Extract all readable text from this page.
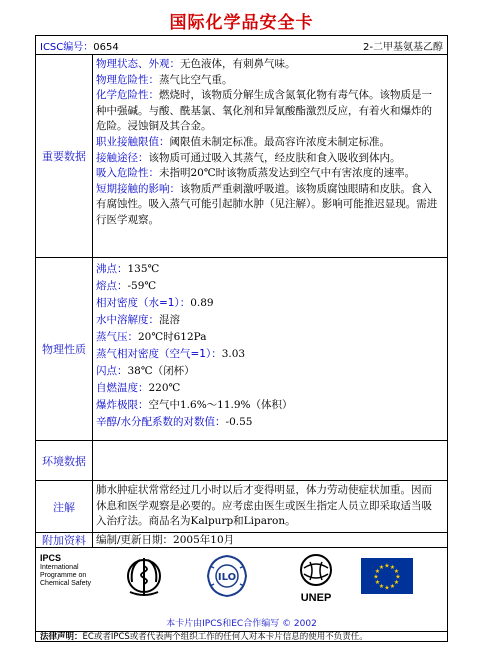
国际化学品安全卡
ICSC编号：0654	2-二甲基氨基乙醇
重要数据
物理状态、外观：无色液体，有刺鼻气味。
物理危险性：蒸气比空气重。
化学危险性：燃烧时，该物质分解生成含氮氧化物有毒气体。该物质是一种中强碱。与酸、酰基氯、氧化剂和异氰酸酯激烈反应，有着火和爆炸的危险。浸蚀铜及其合金。
职业接触限值：阈限值未制定标准。最高容许浓度未制定标准。
接触途径：该物质可通过吸入其蒸气，经皮肤和食入吸收到体内。
吸入危险性：未指明20℃时该物质蒸发达到空气中有害浓度的速率。
短期接触的影响：该物质严重刺激呼吸道。该物质腐蚀眼睛和皮肤。食入有腐蚀性。吸入蒸气可能引起肺水肿（见注解）。影响可能推迟显现。需进行医学观察。
物理性质
沸点：135℃
熔点：-59℃
相对密度（水=1）：0.89
水中溶解度：混溶
蒸气压：20℃时612Pa
蒸气相对密度（空气=1）：3.03
闪点：38℃（闭杯）
自燃温度：220℃
爆炸极限：空气中1.6%～11.9%（体积）
辛醇/水分配系数的对数值：-0.55
环境数据
注解
肺水肿症状常常经过几小时以后才变得明显，体力劳动使症状加重。因而休息和医学观察是必要的。应考虑由医生或医生指定人员立即采取适当吸入治疗法。商品名为Kalpurp和Liparon。
附加资料 编制/更新日期：2005年10月
IPCS
International
Programme on
Chemical Safety
ILO
UNEP
★
★
★
★
★
★
★
★
★ ★ ★
★
本卡片由IPCS和EC合作编写 © 2002
法律声明：EC或者IPCS或者代表两个组织工作的任何人对本卡片信息的使用不负责任。
